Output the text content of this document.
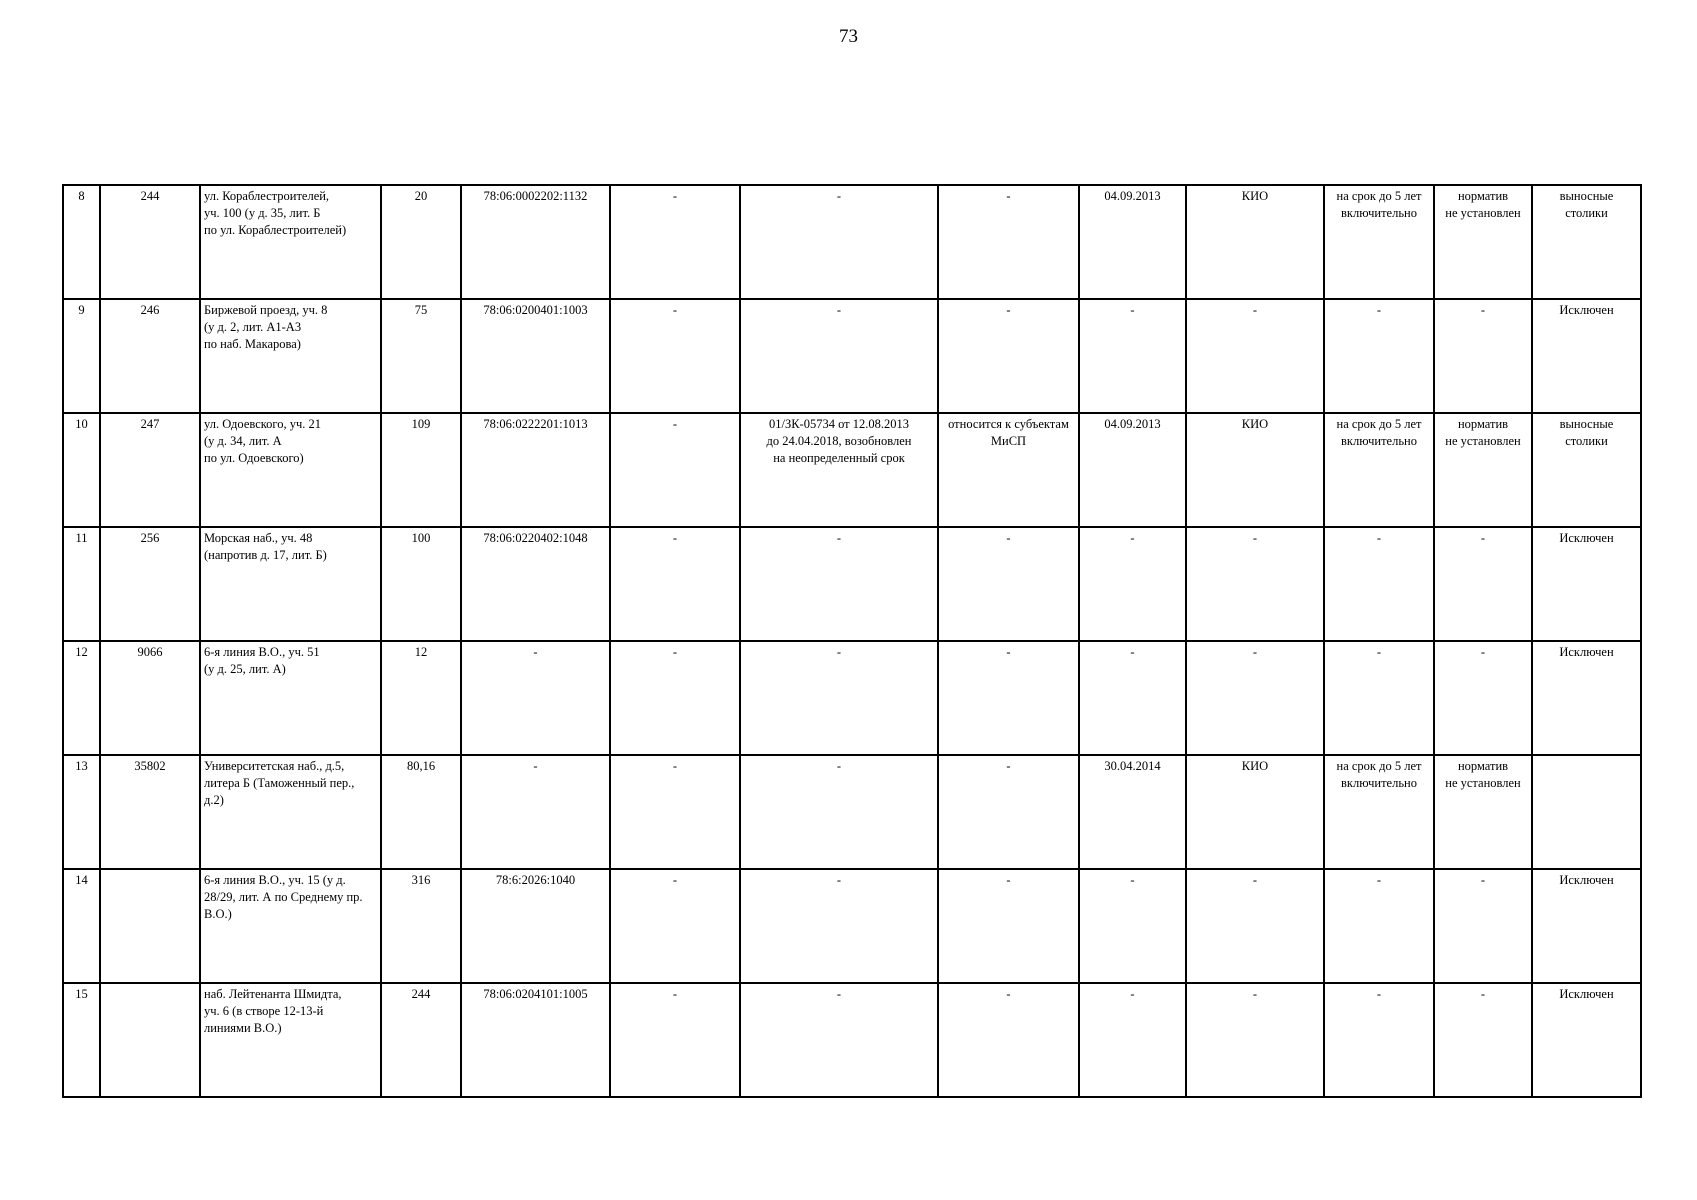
73
8	244	ул. Кораблестроителей,
уч. 100 (у д. 35, лит. Б
по ул. Кораблестроителей)	20	78:06:0002202:1132	-	-	-	04.09.2013	КИО	на срок до 5 лет
включительно	норматив
не установлен	выносные
столики
9	246	Биржевой проезд, уч. 8
(у д. 2, лит. А1-А3
по наб. Макарова)	75	78:06:0200401:1003	-	-	-	-	-	-	-	Исключен
10	247	ул. Одоевского, уч. 21
(у д. 34, лит. А
по ул. Одоевского)	109	78:06:0222201:1013	-	01/ЗК-05734 от 12.08.2013
до 24.04.2018, возобновлен
на неопределенный срок	относится к субъектам
МиСП	04.09.2013	КИО	на срок до 5 лет
включительно	норматив
не установлен	выносные
столики
11	256	Морская наб., уч. 48
(напротив д. 17, лит. Б)	100	78:06:0220402:1048	-	-	-	-	-	-	-	Исключен
12	9066	6-я линия В.О., уч. 51
(у д. 25, лит. А)	12	-	-	-	-	-	-	-	-	Исключен
13	35802	Университетская наб., д.5,
литера Б (Таможенный пер.,
д.2)	80,16	-	-	-	-	30.04.2014	КИО	на срок до 5 лет
включительно	норматив
не установлен	
14		6-я линия В.О., уч. 15 (у д.
28/29, лит. А по Среднему пр.
В.О.)	316	78:6:2026:1040	-	-	-	-	-	-	-	Исключен
15		наб. Лейтенанта Шмидта,
уч. 6 (в створе 12-13-й
линиями В.О.)	244	78:06:0204101:1005	-	-	-	-	-	-	-	Исключен
